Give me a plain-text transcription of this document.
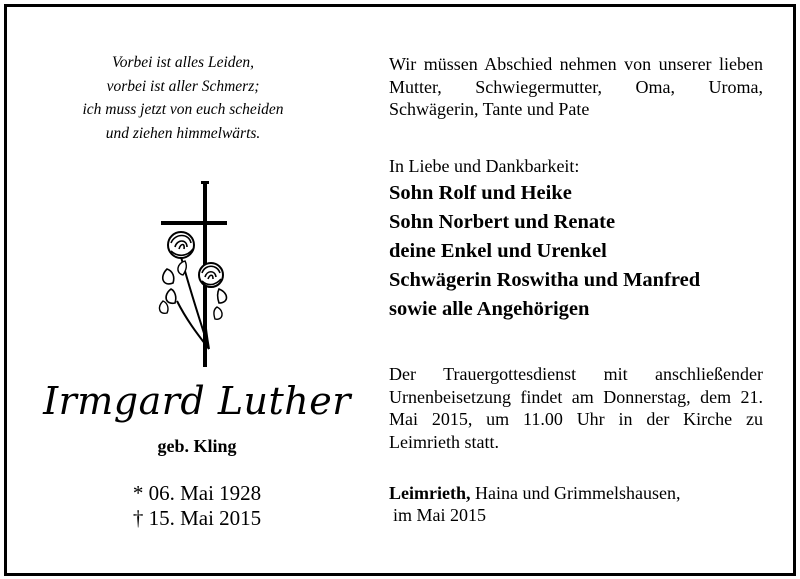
Vorbei ist alles Leiden,
vorbei ist aller Schmerz;
ich muss jetzt von euch scheiden
und ziehen himmelwärts.
Irmgard Luther
geb. Kling
* 06. Mai 1928
† 15. Mai 2015
Wir müssen Abschied nehmen von unserer lieben Mutter, Schwiegermutter, Oma, Uroma, Schwägerin, Tante und Pate
In Liebe und Dankbarkeit:
Sohn Rolf und Heike
Sohn Norbert und Renate
deine Enkel und Urenkel
Schwägerin Roswitha und Manfred
sowie alle Angehörigen
Der Trauergottesdienst mit anschließender Urnenbeisetzung findet am Donnerstag, dem 21. Mai 2015, um 11.00 Uhr in der Kirche zu Leimrieth statt.
Leimrieth, Haina und Grimmelshausen,
im Mai 2015
